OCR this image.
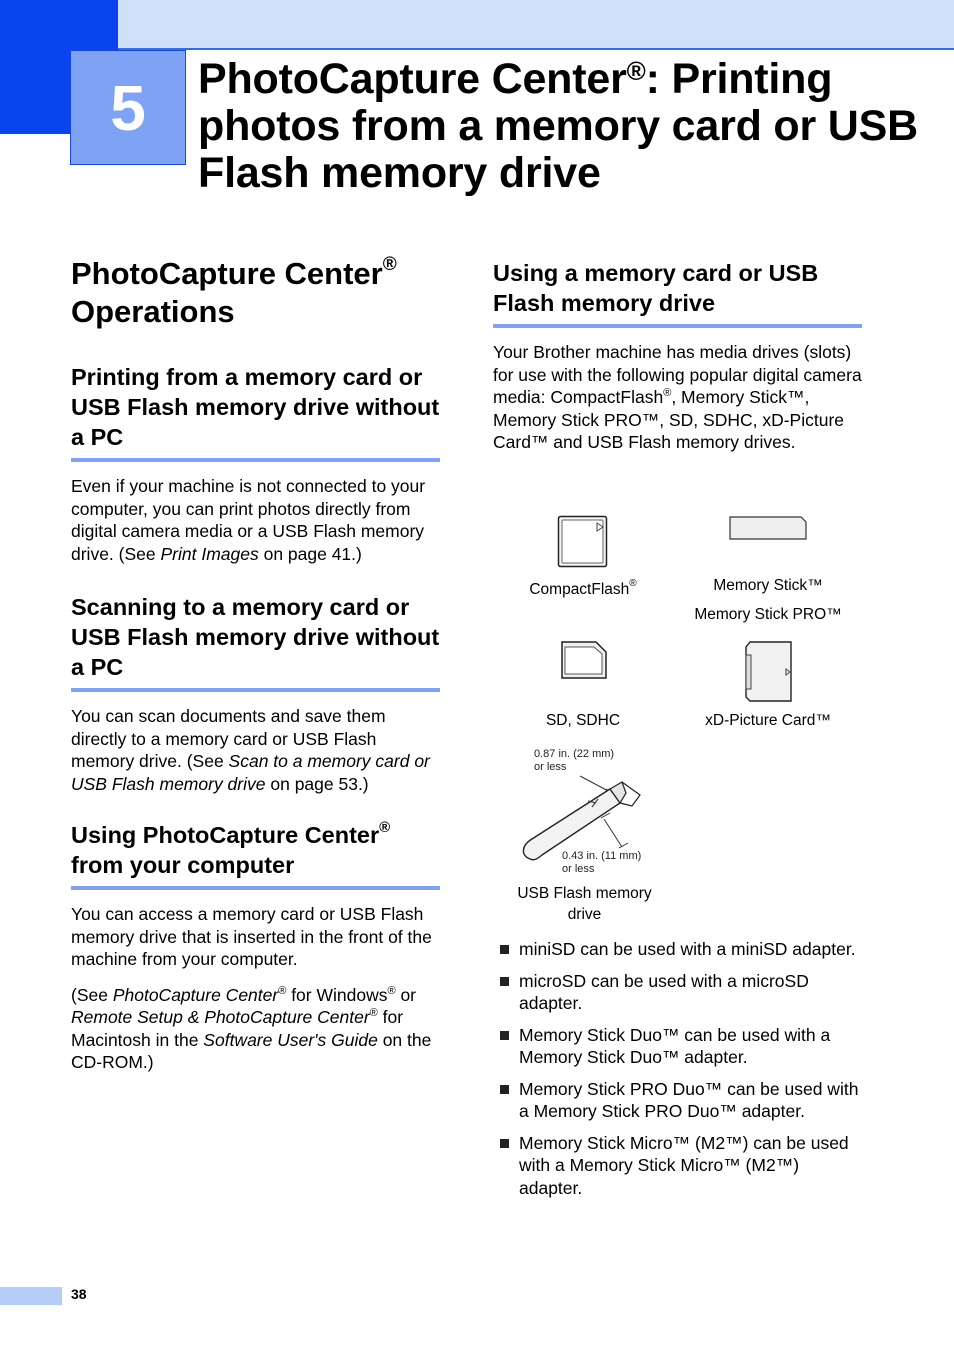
5	PhotoCapture Center®: Printing photos from a memory card or USB Flash memory drive
PhotoCapture Center®
Operations
Printing from a memory card or USB Flash memory drive without a PC

Even if your machine is not connected to your computer, you can print photos directly from digital camera media or a USB Flash memory drive. (See Print Images on page 41.)

Scanning to a memory card or USB Flash memory drive without a PC

You can scan documents and save them directly to a memory card or USB Flash memory drive. (See Scan to a memory card or USB Flash memory drive on page 53.)

Using PhotoCapture Center® from your computer

You can access a memory card or USB Flash memory drive that is inserted in the front of the machine from your computer.

(See PhotoCapture Center® for Windows® or Remote Setup & PhotoCapture Center® for Macintosh in the Software User's Guide on the CD-ROM.)

Using a memory card or USB Flash memory drive

Your Brother machine has media drives (slots) for use with the following popular digital camera media: CompactFlash®, Memory Stick™, Memory Stick PRO™, SD, SDHC, xD-Picture Card™ and USB Flash memory drives.

CompactFlash®	Memory Stick™
Memory Stick PRO™
SD, SDHC	xD-Picture Card™
0.87 in. (22 mm)
or less
0.43 in. (11 mm)
or less
USB Flash memory drive
miniSD can be used with a miniSD adapter.
microSD can be used with a microSD adapter.
Memory Stick Duo™ can be used with a Memory Stick Duo™ adapter.
Memory Stick PRO Duo™ can be used with a Memory Stick PRO Duo™ adapter.
Memory Stick Micro™ (M2™) can be used with a Memory Stick Micro™ (M2™) adapter.
38
